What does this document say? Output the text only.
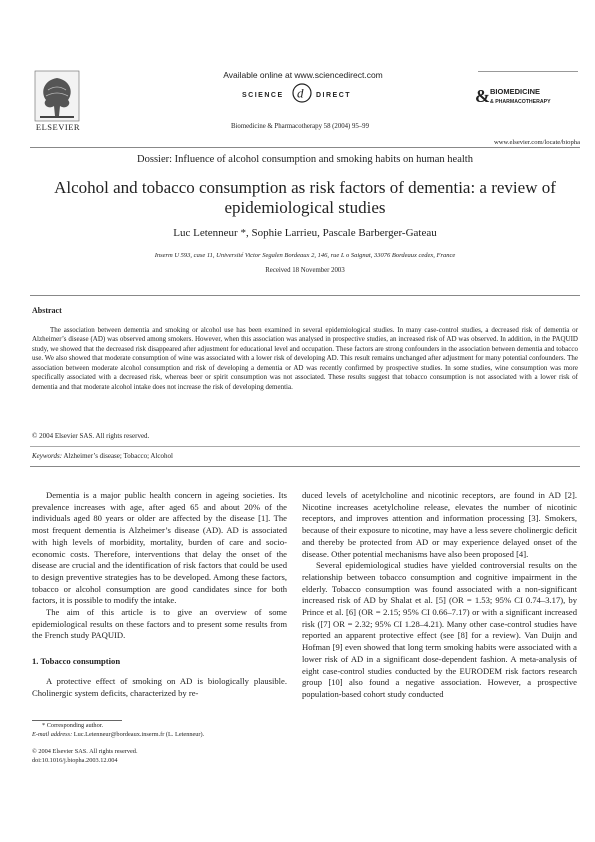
ELSEVIER
Available online at www.sciencedirect.com
SCIENCE d DIRECT
Biomedicine & Pharmacotherapy 58 (2004) 95–99
& BIOMEDICINE
& PHARMACOTHERAPY
www.elsevier.com/locate/biopha
Dossier: Influence of alcohol consumption and smoking habits on human health
Alcohol and tobacco consumption as risk factors of dementia: a review of epidemiological studies
Luc Letenneur *, Sophie Larrieu, Pascale Barberger-Gateau
Inserm U 593, case 11, Université Victor Segalen Bordeaux 2, 146, rue L o Saignat, 33076 Bordeaux cedex, France
Received 18 November 2003
Abstract
The association between dementia and smoking or alcohol use has been examined in several epidemiological studies. In many case-control studies, a decreased risk of dementia or Alzheimer’s disease (AD) was observed among smokers. However, when this association was analysed in prospective studies, an increased risk of AD was observed. In addition, in the PAQUID study, we showed that the decreased risk disappeared after adjustment for educational level and occupation. These factors are strong confounders in the association between dementia and tobacco use. We also showed that moderate consumption of wine was associated with a lower risk of developing AD. This result remains unchanged after adjustment for many potential confounders. The association between moderate alcohol consumption and risk of developing a dementia or AD was recently confirmed by prospective studies. In some studies, wine consumption was more specifically associated with a decreased risk, whereas beer or spirit consumption was not associated. These results suggest that tobacco consumption is not associated with a lower risk of dementia and that moderate alcohol intake does not increase the risk of developing dementia.
© 2004 Elsevier SAS. All rights reserved.
Keywords: Alzheimer’s disease; Tobacco; Alcohol

Dementia is a major public health concern in ageing societies. Its prevalence increases with age, after aged 65 and about 20% of the individuals aged 80 years or older are affected by the disease [1]. The most frequent dementia is Alzheimer’s disease (AD). AD is associated with high levels of morbidity, mortality, burden of care and socio-economic costs. Therefore, interventions that delay the onset of the disease are crucial and the identification of risk factors that could be used to design preventive strategies has to be developed. Among these factors, tobacco or alcohol consumption are good candidates since for both factors, it is possible to modify the intake.

The aim of this article is to give an overview of some epidemiological results on these factors and to present some results from the French study PAQUID.

1. Tobacco consumption

A protective effect of smoking on AD is biologically plausible. Cholinergic system deficits, characterized by re-

duced levels of acetylcholine and nicotinic receptors, are found in AD [2]. Nicotine increases acetylcholine release, elevates the number of nicotinic receptors, and improves attention and information processing [3]. Smokers, because of their exposure to nicotine, may have a less severe cholinergic deficit and thereby be protected from AD or may experience delayed onset of the disease. Other potential mechanisms have also been proposed [4].

Several epidemiological studies have yielded controversial results on the relationship between tobacco consumption and cognitive impairment in the elderly. Tobacco consumption was found associated with a non-significant increased risk of AD by Shalat et al. [5] (OR = 1.53; 95% CI 0.74–3.17), by Prince et al. [6] (OR = 2.15; 95% CI 0.66–7.17) or with a significant increased risk ([7] OR = 2.32; 95% CI 1.28–4.21). Many other case-control studies have reported an apparent protective effect (see [8] for a review). Van Duijn and Hofman [9] even showed that long term smoking habits were associated with a lower risk of AD in a significant dose-dependent fashion. A meta-analysis of eight case-control studies conducted by the EURODEM risk factors research group [10] also found a negative association. However, a prospective population-based cohort study conducted

* Corresponding author.
E-mail address: Luc.Letenneur@bordeaux.inserm.fr (L. Letenneur).
© 2004 Elsevier SAS. All rights reserved.
doi:10.1016/j.biopha.2003.12.004
